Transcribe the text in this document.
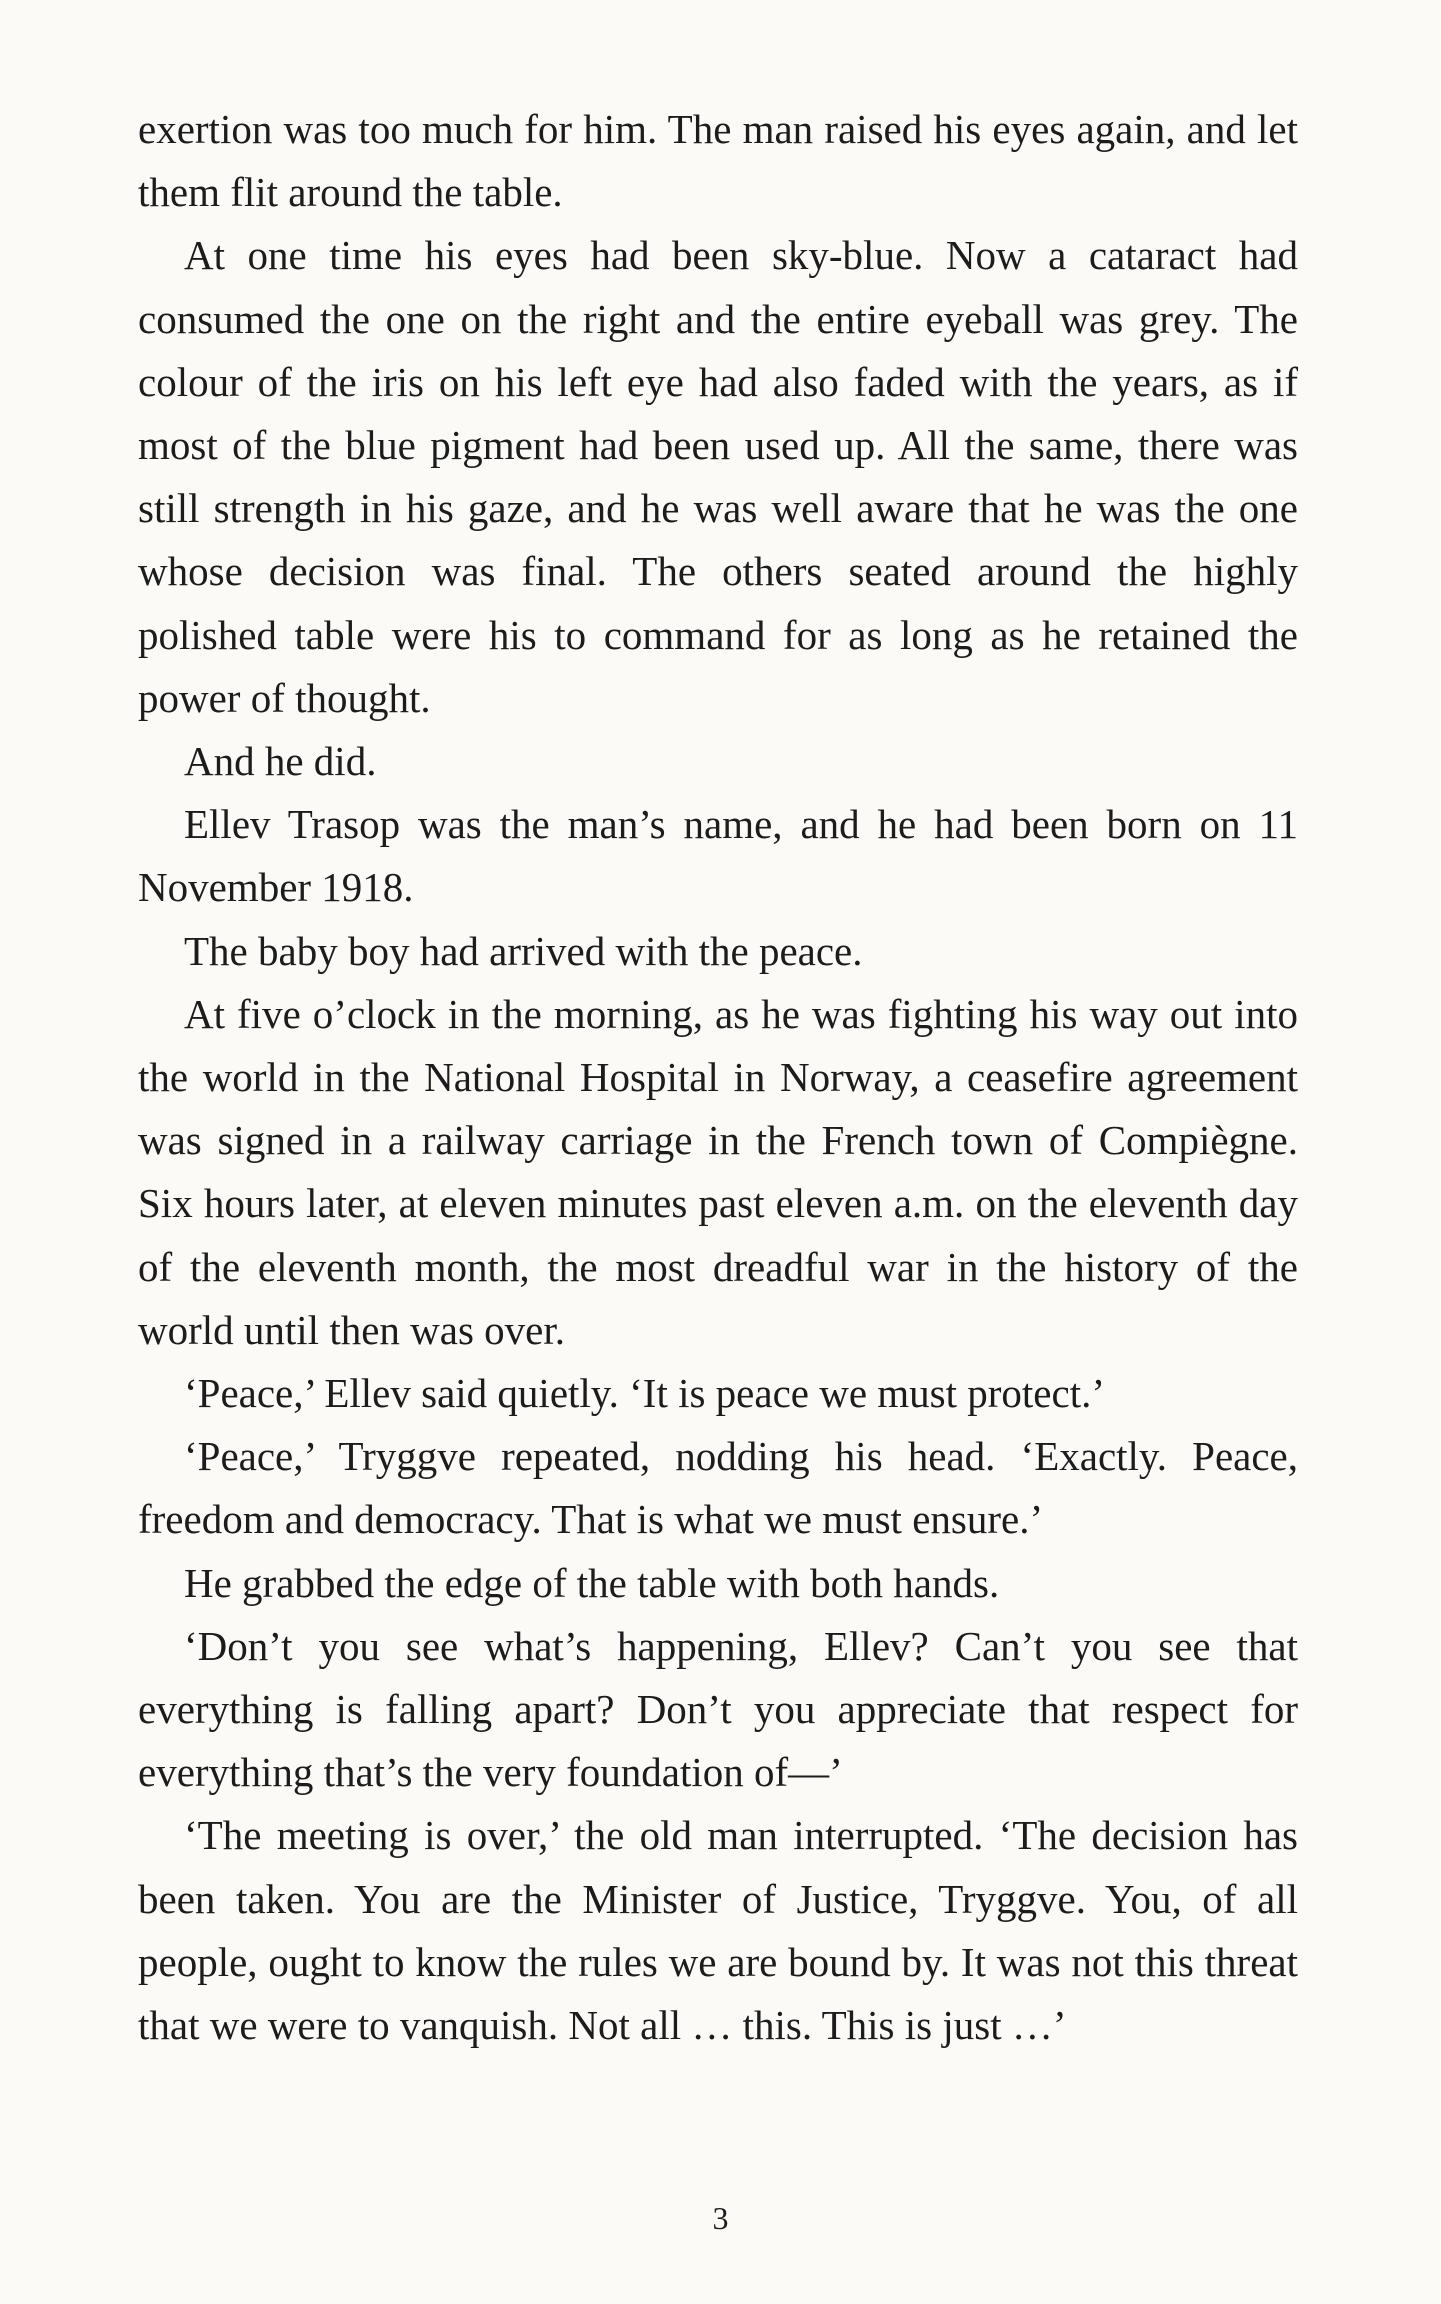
exertion was too much for him. The man raised his eyes again, and let them flit around the table.

At one time his eyes had been sky-blue. Now a cataract had consumed the one on the right and the entire eyeball was grey. The colour of the iris on his left eye had also faded with the years, as if most of the blue pigment had been used up. All the same, there was still strength in his gaze, and he was well aware that he was the one whose decision was final. The others seated around the highly polished table were his to command for as long as he retained the power of thought.

And he did.

Ellev Trasop was the man’s name, and he had been born on 11 November 1918.

The baby boy had arrived with the peace.

At five o’clock in the morning, as he was fighting his way out into the world in the National Hospital in Norway, a ceasefire agreement was signed in a railway carriage in the French town of Compiègne. Six hours later, at eleven minutes past eleven a.m. on the eleventh day of the eleventh month, the most dreadful war in the history of the world until then was over.

‘Peace,’ Ellev said quietly. ‘It is peace we must protect.’

‘Peace,’ Tryggve repeated, nodding his head. ‘Exactly. Peace, freedom and democracy. That is what we must ensure.’

He grabbed the edge of the table with both hands.

‘Don’t you see what’s happening, Ellev? Can’t you see that everything is falling apart? Don’t you appreciate that respect for everything that’s the very foundation of—’

‘The meeting is over,’ the old man interrupted. ‘The decision has been taken. You are the Minister of Justice, Tryggve. You, of all people, ought to know the rules we are bound by. It was not this threat that we were to vanquish. Not all … this. This is just …’

3
